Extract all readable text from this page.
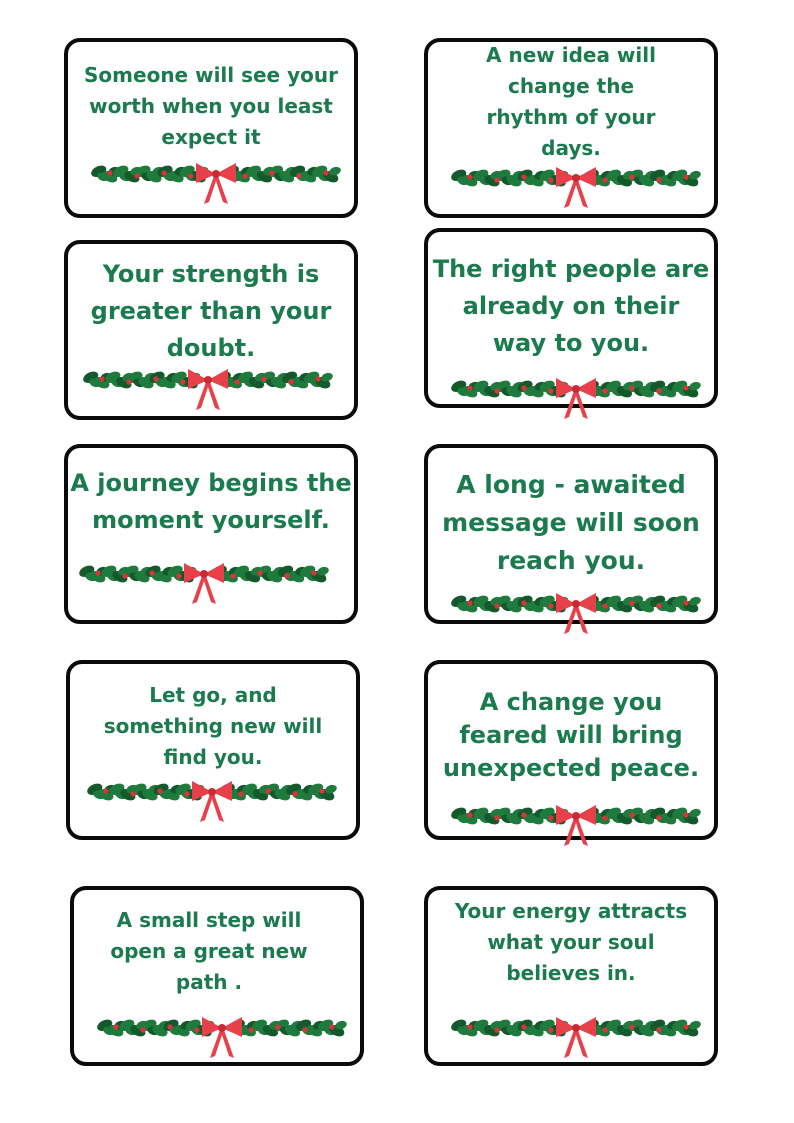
Someone will see your
worth when you least
expect it
A new idea will
change the
rhythm of your
days.
Your strength is
greater than your
doubt.
The right people are
already on their
way to you.
A journey begins the
moment yourself.
A long - awaited
message will soon
reach you.
Let go, and
something new will
find you.
A change you
feared will bring
unexpected peace.
A small step will
open a great new
path .
Your energy attracts
what your soul
believes in.
